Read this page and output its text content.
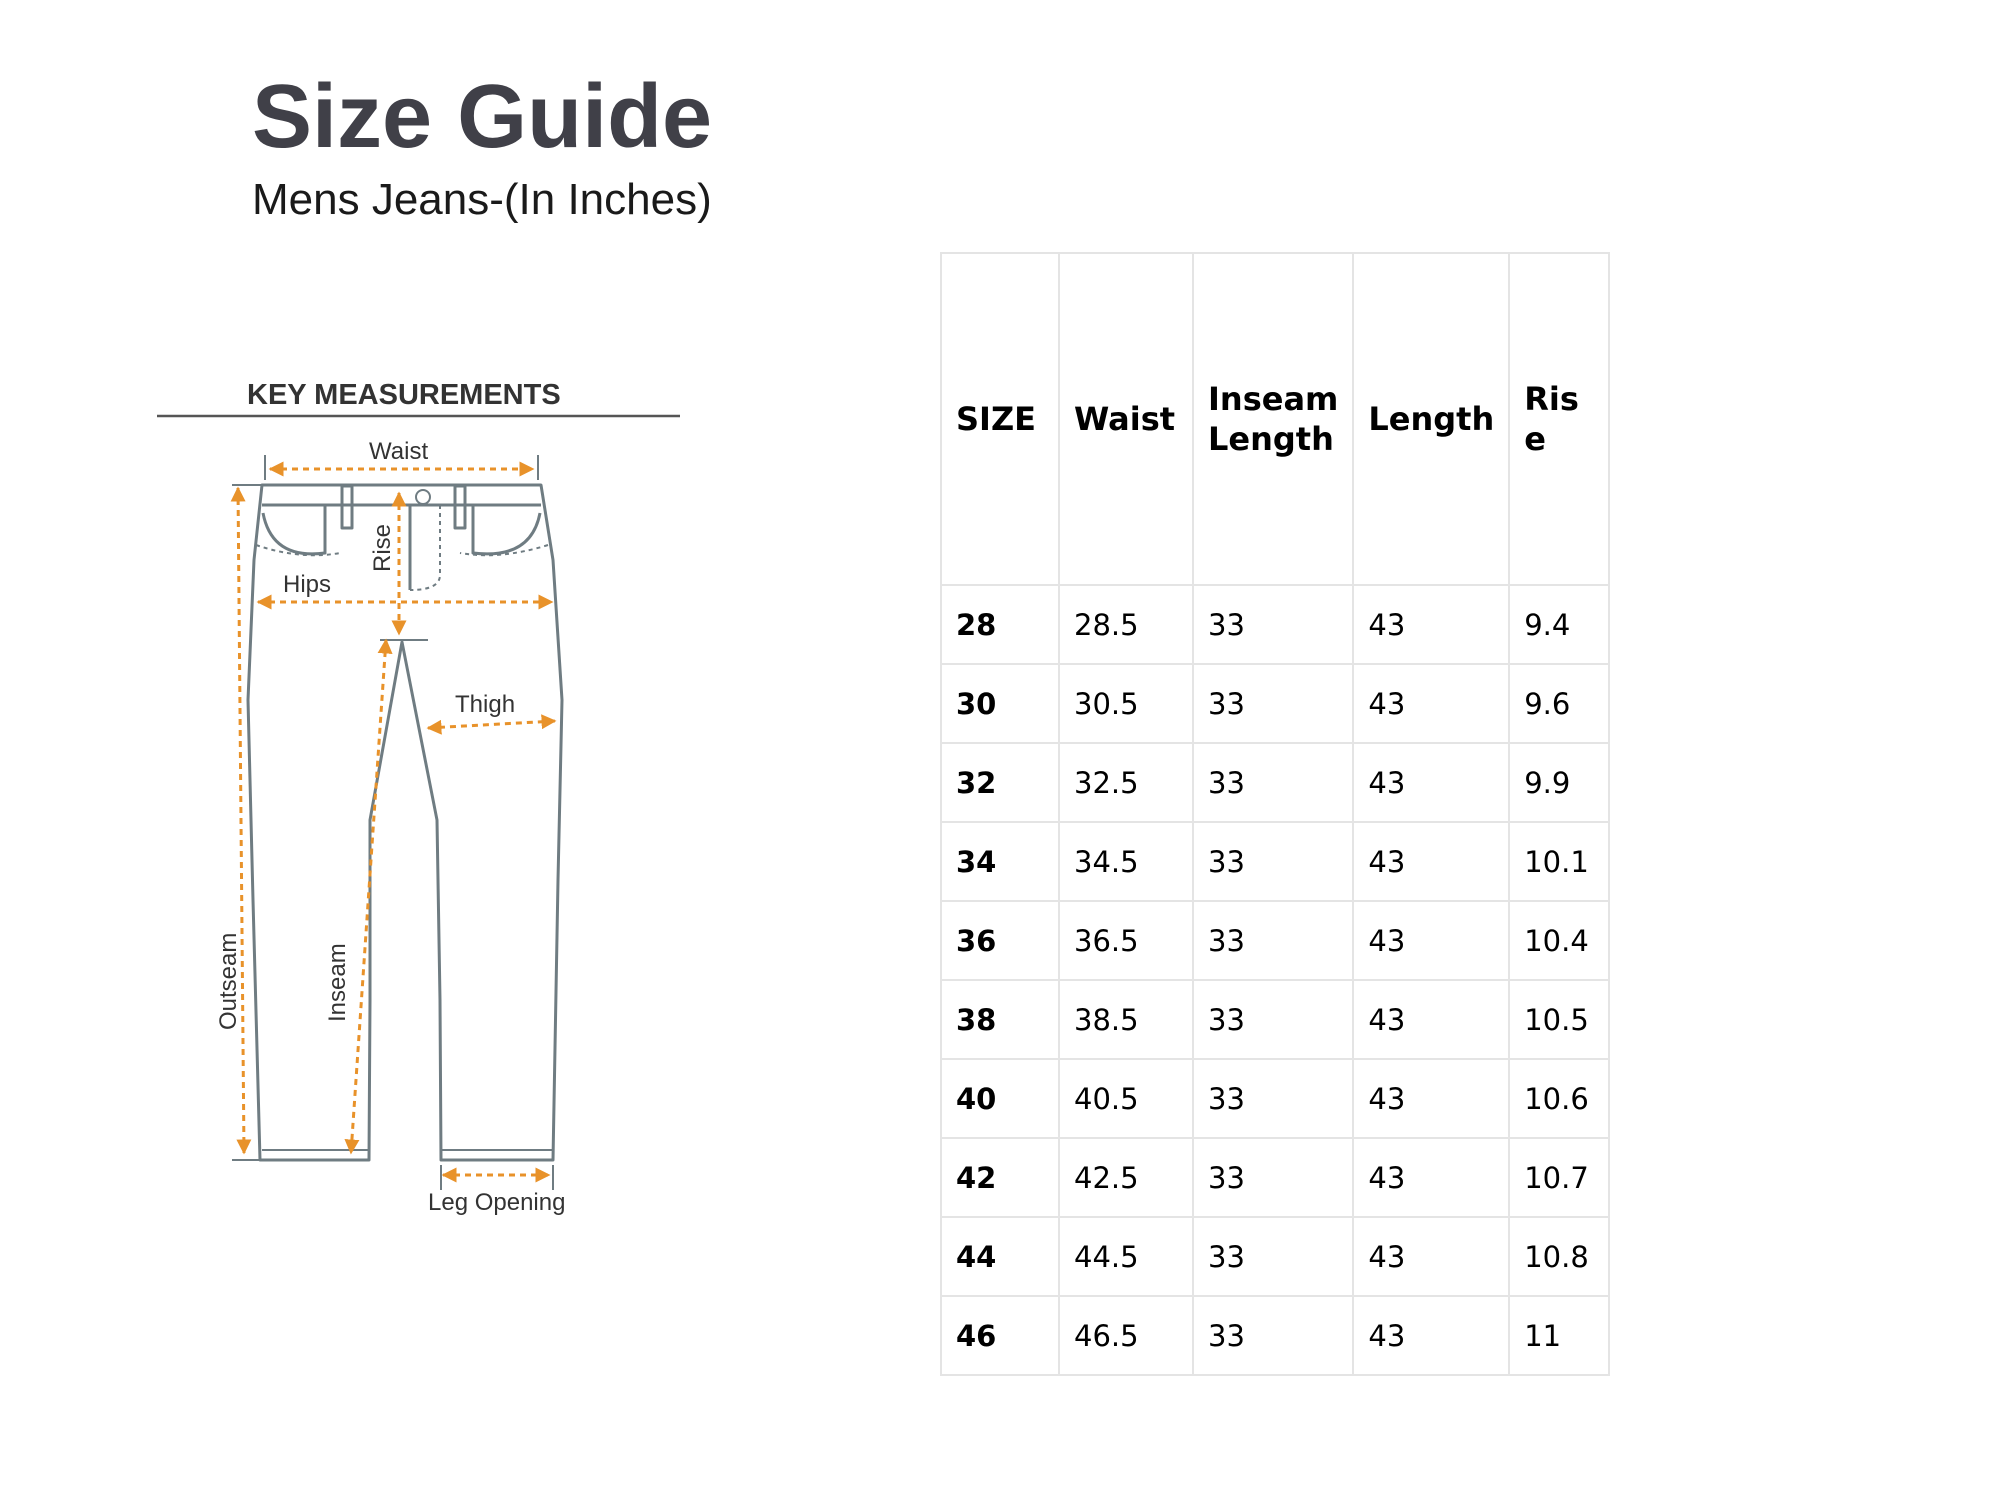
Size Guide
Mens Jeans-(In Inches)
KEY MEASUREMENTS
Waist
Hips
Thigh
Leg Opening
Rise
Outseam	Inseam
SIZE	Waist	Inseam Length	Length	Ris e
28	28.5	33	43	9.4
30	30.5	33	43	9.6
32	32.5	33	43	9.9
34	34.5	33	43	10.1
36	36.5	33	43	10.4
38	38.5	33	43	10.5
40	40.5	33	43	10.6
42	42.5	33	43	10.7
44	44.5	33	43	10.8
46	46.5	33	43	11
